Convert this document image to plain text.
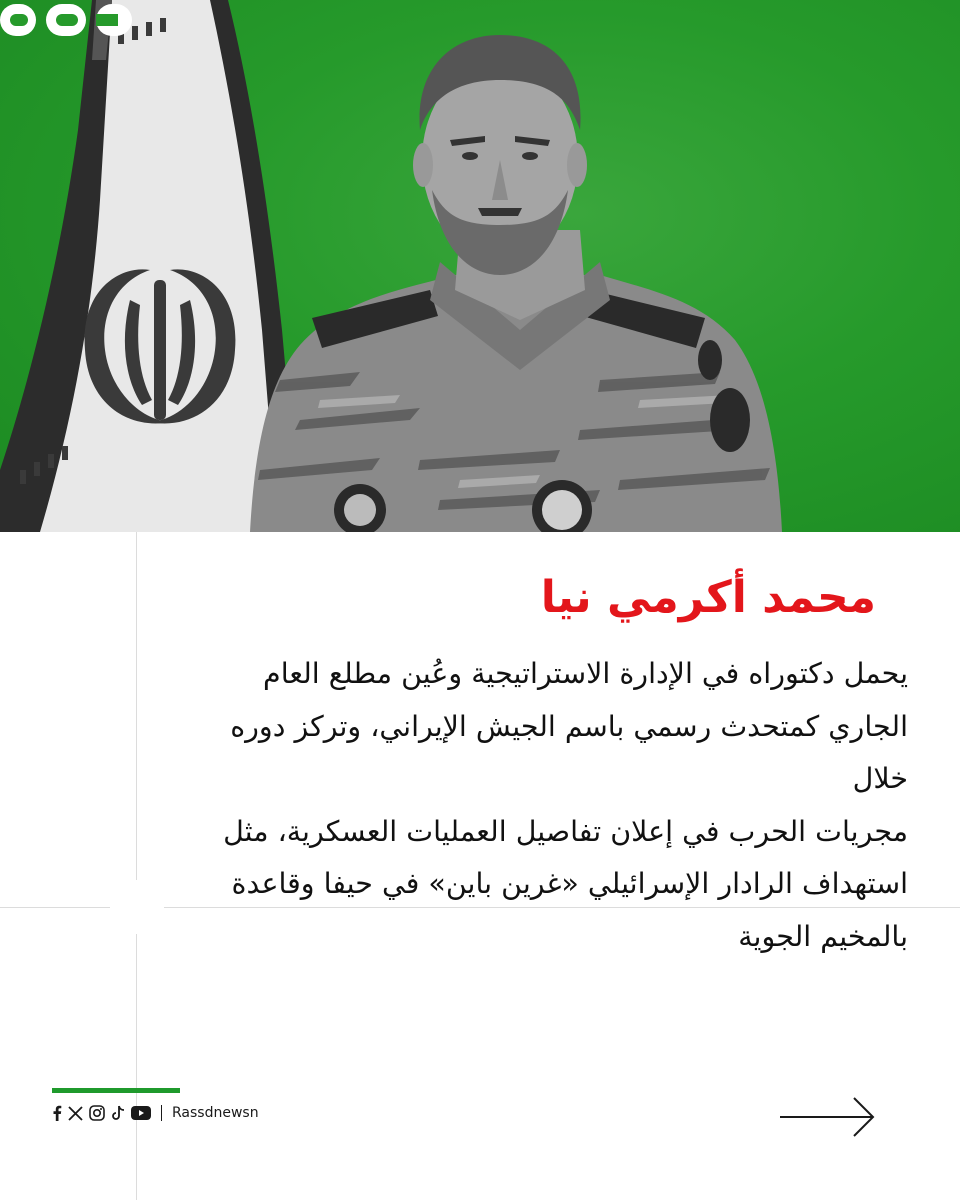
محمد أكرمي نيا
يحمل دكتوراه في الإدارة الاستراتيجية وعُين مطلع العام
الجاري كمتحدث رسمي باسم الجيش الإيراني، وتركز دوره خلال
مجريات الحرب في إعلان تفاصيل العمليات العسكرية، مثل
استهداف الرادار الإسرائيلي «غرين باين» في حيفا وقاعدة
بالمخيم الجوية
Rassdnewsn
